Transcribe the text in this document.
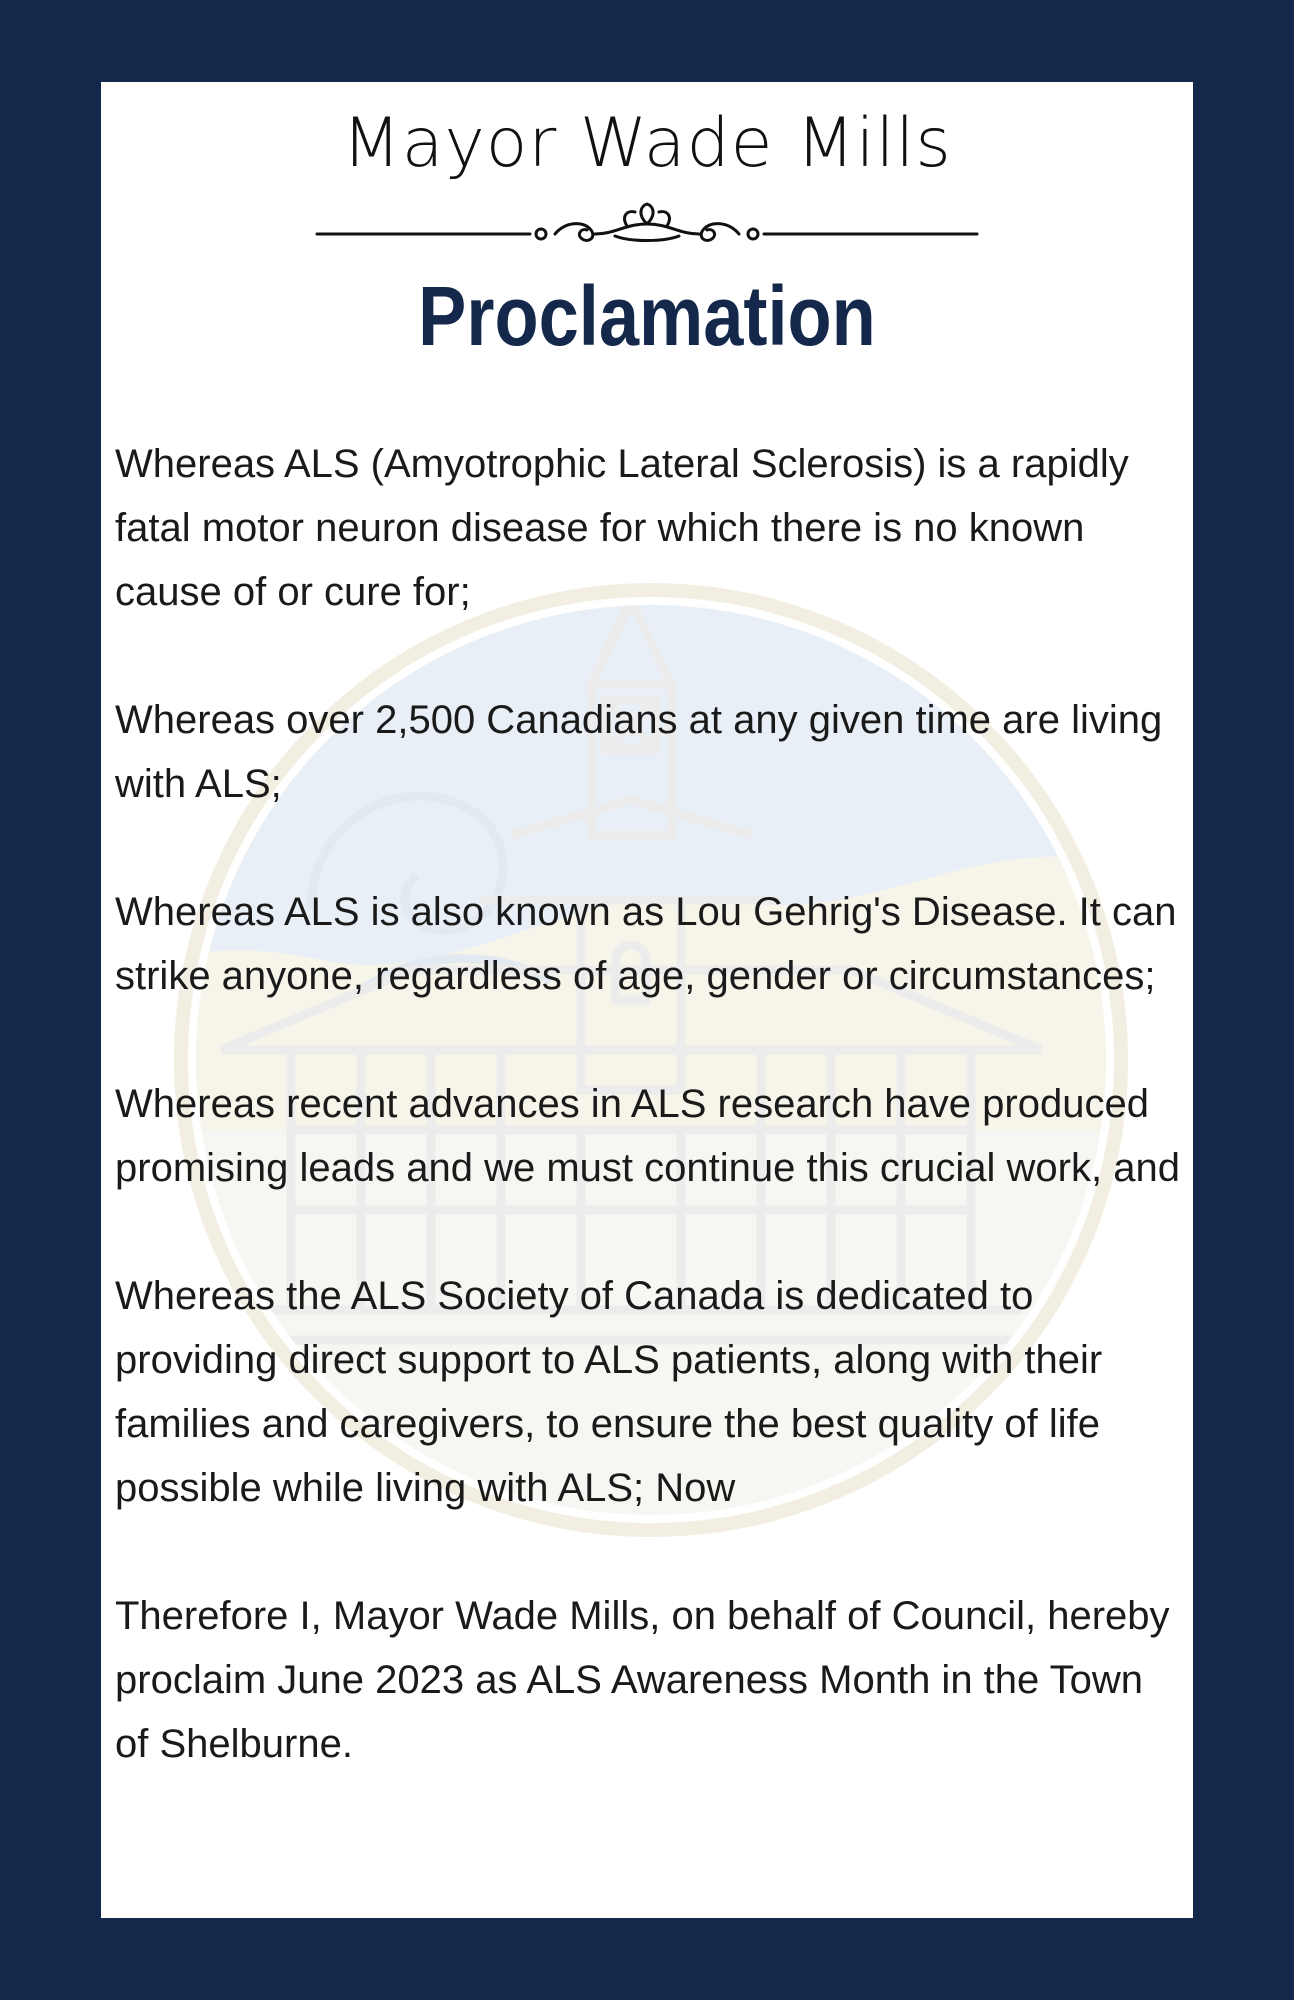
Mayor Wade Mills
Proclamation

Whereas ALS (Amyotrophic Lateral Sclerosis) is a rapidly fatal motor neuron disease for which there is no known cause of or cure for;

Whereas over 2,500 Canadians at any given time are living with ALS;

Whereas ALS is also known as Lou Gehrig's Disease. It can strike anyone, regardless of age, gender or circumstances;

Whereas recent advances in ALS research have produced promising leads and we must continue this crucial work, and

Whereas the ALS Society of Canada is dedicated to providing direct support to ALS patients, along with their families and caregivers, to ensure the best quality of life possible while living with ALS; Now

Therefore I, Mayor Wade Mills, on behalf of Council, hereby proclaim June 2023 as ALS Awareness Month in the Town of Shelburne.
